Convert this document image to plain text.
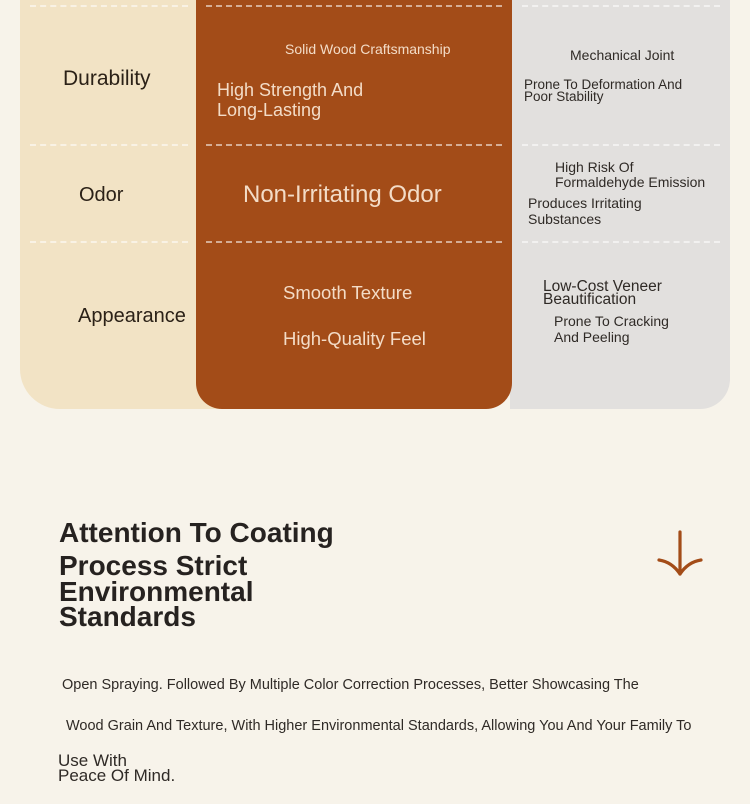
Durability
Solid Wood Craftsmanship
High Strength And
Long-Lasting
Mechanical Joint
Prone To Deformation And
Poor Stability
Odor	Non-Irritating Odor
High Risk Of
Formaldehyde Emission
Produces Irritating
Substances
Appearance
Smooth Texture
High-Quality Feel
Low-Cost Veneer
Beautification
Prone To Cracking
And Peeling
Attention To Coating
Process Strict
Environmental
Standards
Open Spraying. Followed By Multiple Color Correction Processes, Better Showcasing The
Wood Grain And Texture, With Higher Environmental Standards, Allowing You And Your Family To
Use With
Peace Of Mind.
